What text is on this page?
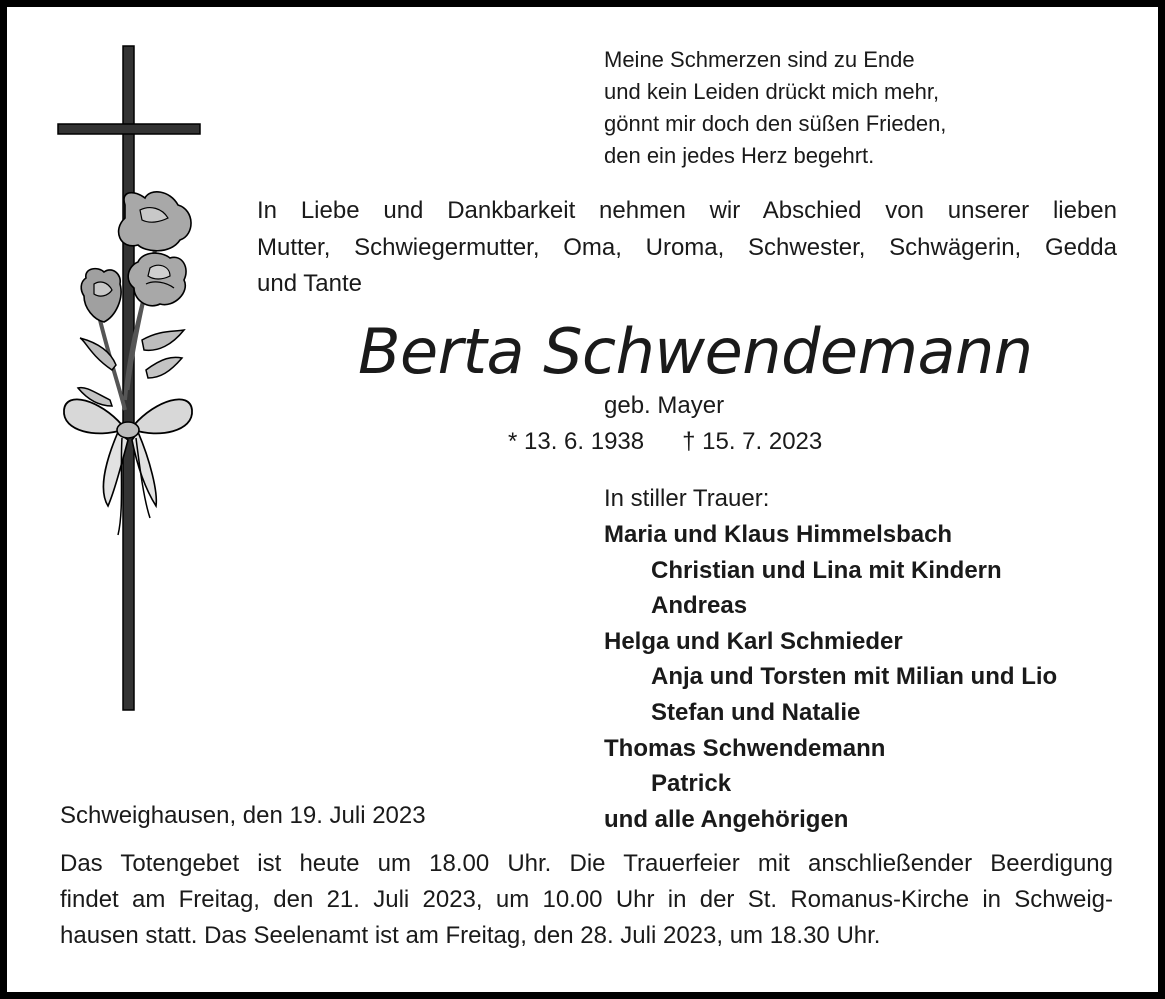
Meine Schmerzen sind zu Ende
und kein Leiden drückt mich mehr,
gönnt mir doch den süßen Frieden,
den ein jedes Herz begehrt.
In Liebe und Dankbarkeit nehmen wir Abschied von unserer lieben
Mutter, Schwiegermutter, Oma, Uroma, Schwester, Schwägerin, Gedda
und Tante
Berta Schwendemann
geb. Mayer
* 13. 6. 1938 † 15. 7. 2023
In stiller Trauer:
Maria und Klaus Himmelsbach
Christian und Lina mit Kindern
Andreas
Helga und Karl Schmieder
Anja und Torsten mit Milian und Lio
Stefan und Natalie
Thomas Schwendemann
Patrick
und alle Angehörigen
Schweighausen, den 19. Juli 2023
Das Totengebet ist heute um 18.00 Uhr. Die Trauerfeier mit anschließender Beerdigung
findet am Freitag, den 21. Juli 2023, um 10.00 Uhr in der St. Romanus-Kirche in Schweig-
hausen statt. Das Seelenamt ist am Freitag, den 28. Juli 2023, um 18.30 Uhr.
